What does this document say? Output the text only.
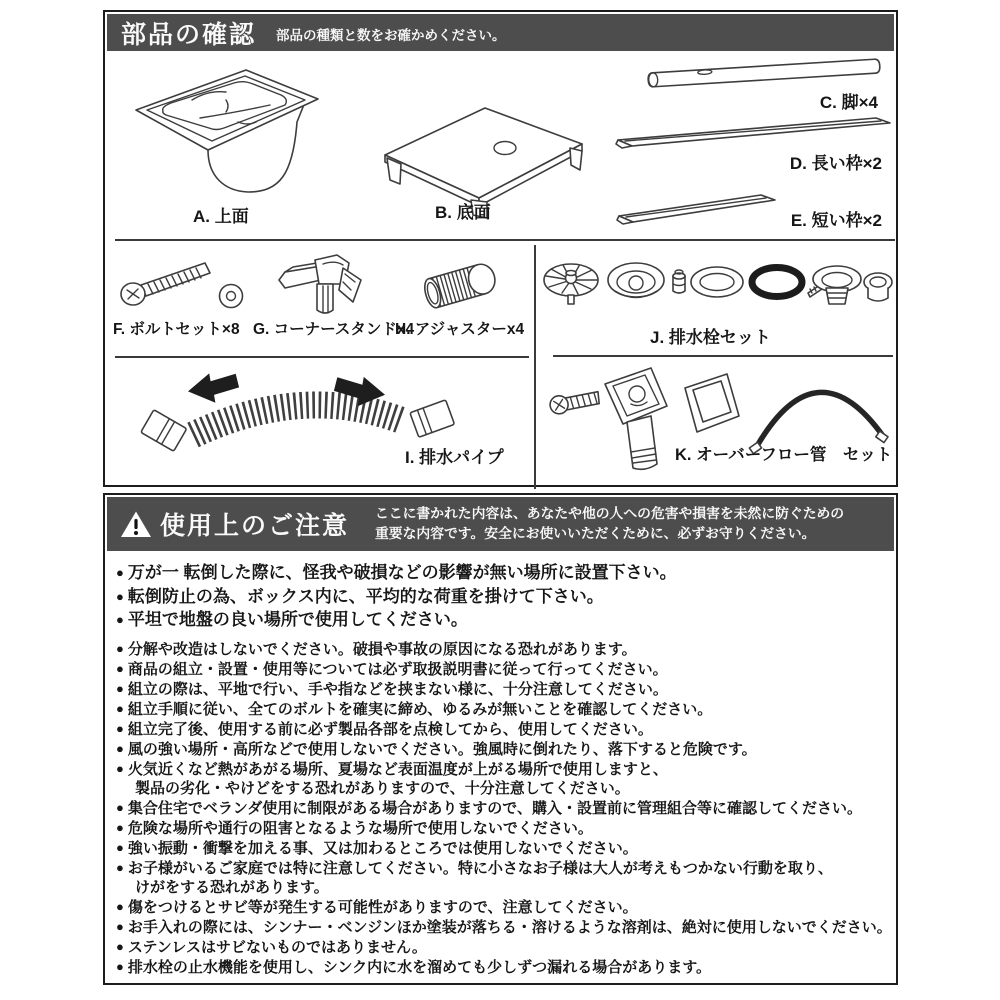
部品の確認 部品の種類と数をお確かめください。
A. 上面	B. 底面
C. 脚×4
D. 長い枠×2
E. 短い枠×2
F. ボルトセット×8 G. コーナースタンドx4
H. アジャスターx4	J. 排水栓セット
I. 排水パイプ	K. オーバーフロー管　セット
使用上のご注意 ここに書かれた内容は、あなたや他の人への危害や損害を未然に防ぐための
重要な内容です。安全にお使いいただくために、必ずお守りください。
● 万が一 転倒した際に、怪我や破損などの影響が無い場所に設置下さい。
● 転倒防止の為、ボックス内に、平均的な荷重を掛けて下さい。
● 平坦で地盤の良い場所で使用してください。
● 分解や改造はしないでください。破損や事故の原因になる恐れがあります。
● 商品の組立・設置・使用等については必ず取扱説明書に従って行ってください。
● 組立の際は、平地で行い、手や指などを挟まない様に、十分注意してください。
● 組立手順に従い、全てのボルトを確実に締め、ゆるみが無いことを確認してください。
● 組立完了後、使用する前に必ず製品各部を点検してから、使用してください。
● 風の強い場所・高所などで使用しないでください。強風時に倒れたり、落下すると危険です。
● 火気近くなど熱があがる場所、夏場など表面温度が上がる場所で使用しますと、
製品の劣化・やけどをする恐れがありますので、十分注意してください。
● 集合住宅でベランダ使用に制限がある場合がありますので、購入・設置前に管理組合等に確認してください。
● 危険な場所や通行の阻害となるような場所で使用しないでください。
● 強い振動・衝撃を加える事、又は加わるところでは使用しないでください。
● お子様がいるご家庭では特に注意してください。特に小さなお子様は大人が考えもつかない行動を取り、
けがをする恐れがあります。
● 傷をつけるとサビ等が発生する可能性がありますので、注意してください。
● お手入れの際には、シンナー・ベンジンほか塗装が落ちる・溶けるような溶剤は、絶対に使用しないでください。
● ステンレスはサビないものではありません。
● 排水栓の止水機能を使用し、シンク内に水を溜めても少しずつ漏れる場合があります。
